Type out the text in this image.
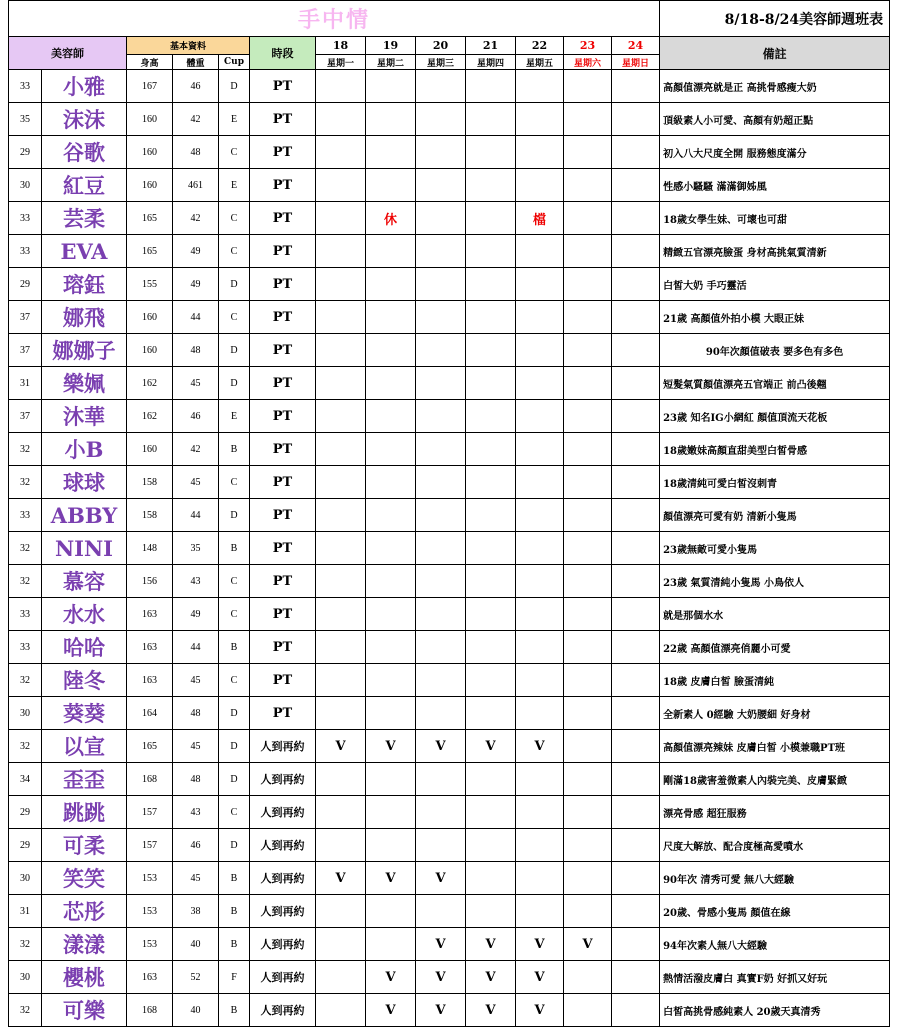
手中情													8/18-8/24美容師週班表
美容師		基本資料			時段	18	19	20	21	22	23	24	備註
		身高	體重	Cup		星期一	星期二	星期三	星期四	星期五	星期六	星期日	
33	小雅	167	46	D	PT								高顏值漂亮就是正 高挑骨感瘦大奶
35	沫沫	160	42	E	PT								頂級素人小可愛、高顏有奶超正點
29	谷歌	160	48	C	PT								初入八大尺度全開 服務態度滿分
30	紅豆	160	461	E	PT								性感小騷騷 滿滿御姊風
33	芸柔	165	42	C	PT		休			檔			18歲女學生妹、可壞也可甜
33	EVA	165	49	C	PT								精緻五官漂亮臉蛋 身材高挑氣質清新
29	瑢鈺	155	49	D	PT								白皙大奶 手巧靈活
37	娜飛	160	44	C	PT								21歲 高顏值外拍小模 大眼正妹
37	娜娜子	160	48	D	PT								90年次顏值破表 要多色有多色
31	樂姵	162	45	D	PT								短髮氣質顏值漂亮五官端正 前凸後翹
37	沐華	162	46	E	PT								23歲 知名IG小網紅 顏值頂流天花板
32	小B	160	42	B	PT								18歲嫩妹高顏直甜美型白皙骨感
32	球球	158	45	C	PT								18歲清純可愛白皙沒刺青
33	ABBY	158	44	D	PT								顏值漂亮可愛有奶 清新小隻馬
32	NINI	148	35	B	PT								23歲無敵可愛小隻馬
32	慕容	156	43	C	PT								23歲 氣質清純小隻馬 小鳥依人
33	水水	163	49	C	PT								就是那個水水
33	哈哈	163	44	B	PT								22歲 高顏值漂亮俏麗小可愛
32	陸冬	163	45	C	PT								18歲 皮膚白皙 臉蛋清純
30	葵葵	164	48	D	PT								全新素人 0經驗 大奶腰細 好身材
32	以宣	165	45	D	人到再約	V	V	V	V	V			高顏值漂亮辣妹 皮膚白皙 小模兼職PT班
34	歪歪	168	48	D	人到再約								剛滿18歲害羞微素人內裝完美、皮膚緊緻
29	跳跳	157	43	C	人到再約								漂亮骨感 超狂服務
29	可柔	157	46	D	人到再約								尺度大解放、配合度極高愛噴水
30	笑笑	153	45	B	人到再約	V	V	V					90年次 清秀可愛 無八大經驗
31	芯彤	153	38	B	人到再約								20歲、骨感小隻馬 顏值在線
32	漾漾	153	40	B	人到再約			V	V	V	V		94年次素人無八大經驗
30	櫻桃	163	52	F	人到再約		V	V	V	V			熱情活潑皮膚白 真實F奶 好抓又好玩
32	可樂	168	40	B	人到再約		V	V	V	V			白皙高挑骨感純素人 20歲天真清秀
